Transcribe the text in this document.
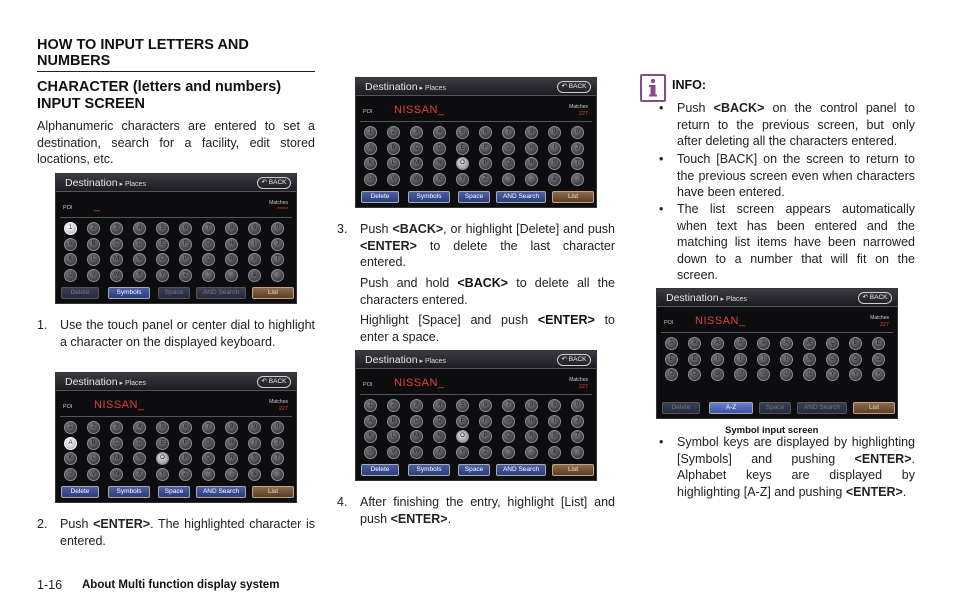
HOW TO INPUT LETTERS AND NUMBERS
CHARACTER (letters and numbers) INPUT SCREEN
Alphanumeric characters are entered to set a destination, search for a facility, edit stored locations, etc.
Destination ▸ Places	↶ BACK
POI _	Matches
*****
1	2	3	4	5	6	7	8	9	0
A	B	C	D	E	F	G	H	I	J
K	L	M	N	O	P	Q	R	S	T
U	V	W	X	Y	Z	'	.	&
Delete	Symbols	Space	AND Search	List
1. Use the touch panel or center dial to highlight a character on the displayed keyboard.
Destination ▸ Places	↶ BACK
POI NISSAN_	Matches
227
1	2	3	4	5	6	7	8	9	0
A	B	C	D	E	F	G	H	I	J
K	L	M	N	O	P	Q	R	S	T
U	V	W	X	Y	Z	'	.	&
Delete	Symbols	Space	AND Search	List
2. Push <ENTER>. The highlighted character is entered.
Destination ▸ Places	↶ BACK
POI NISSAN_	Matches
227
1	2	3	4	5	6	7	8	9	0
A	B	C	D	E	F	G	H	I	J
K	L	M	N	O	P	Q	R	S	T
U	V	W	X	Y	Z	'	.	&
Delete	Symbols	Space	AND Search	List
3. Push <BACK>, or highlight [Delete] and push <ENTER> to delete the last character entered.
Push and hold <BACK> to delete all the characters entered.
Highlight [Space] and push <ENTER> to enter a space.
Destination ▸ Places	↶ BACK
POI NISSAN_	Matches
227
1	2	3	4	5	6	7	8	9	0
A	B	C	D	E	F	G	H	I	J
K	L	M	N	O	P	Q	R	S	T
U	V	W	X	Y	Z	'	.	&
Delete	Symbols	Space	AND Search	List
4. After finishing the entry, highlight [List] and push <ENTER>.
INFO:
• Push <BACK> on the control panel to return to the previous screen, but only after deleting all the characters entered.
• Touch [BACK] on the screen to return to the previous screen even when characters have been entered.
• The list screen appears automatically when text has been entered and the matching list items have been narrowed down to a number that will fit on the screen.
Destination ▸ Places	↶ BACK
POI NISSAN_	Matches
227
À	Á	Â	Ã	Ä	Å	Æ	Ç	È	É
Ê	Ë	Ì	Í	Î	Ï	Ñ	Ò	Ó	Ô
Õ	Ö	Ø	Ù	Ú	Û	Ü	Ý	Ÿ	+
Delete	A-Z	Space	AND Search	List
Symbol input screen
• Symbol keys are displayed by highlighting [Symbols] and pushing <ENTER>. Alphabet keys are displayed by highlighting [A-Z] and pushing <ENTER>.
1-16 About Multi function display system
